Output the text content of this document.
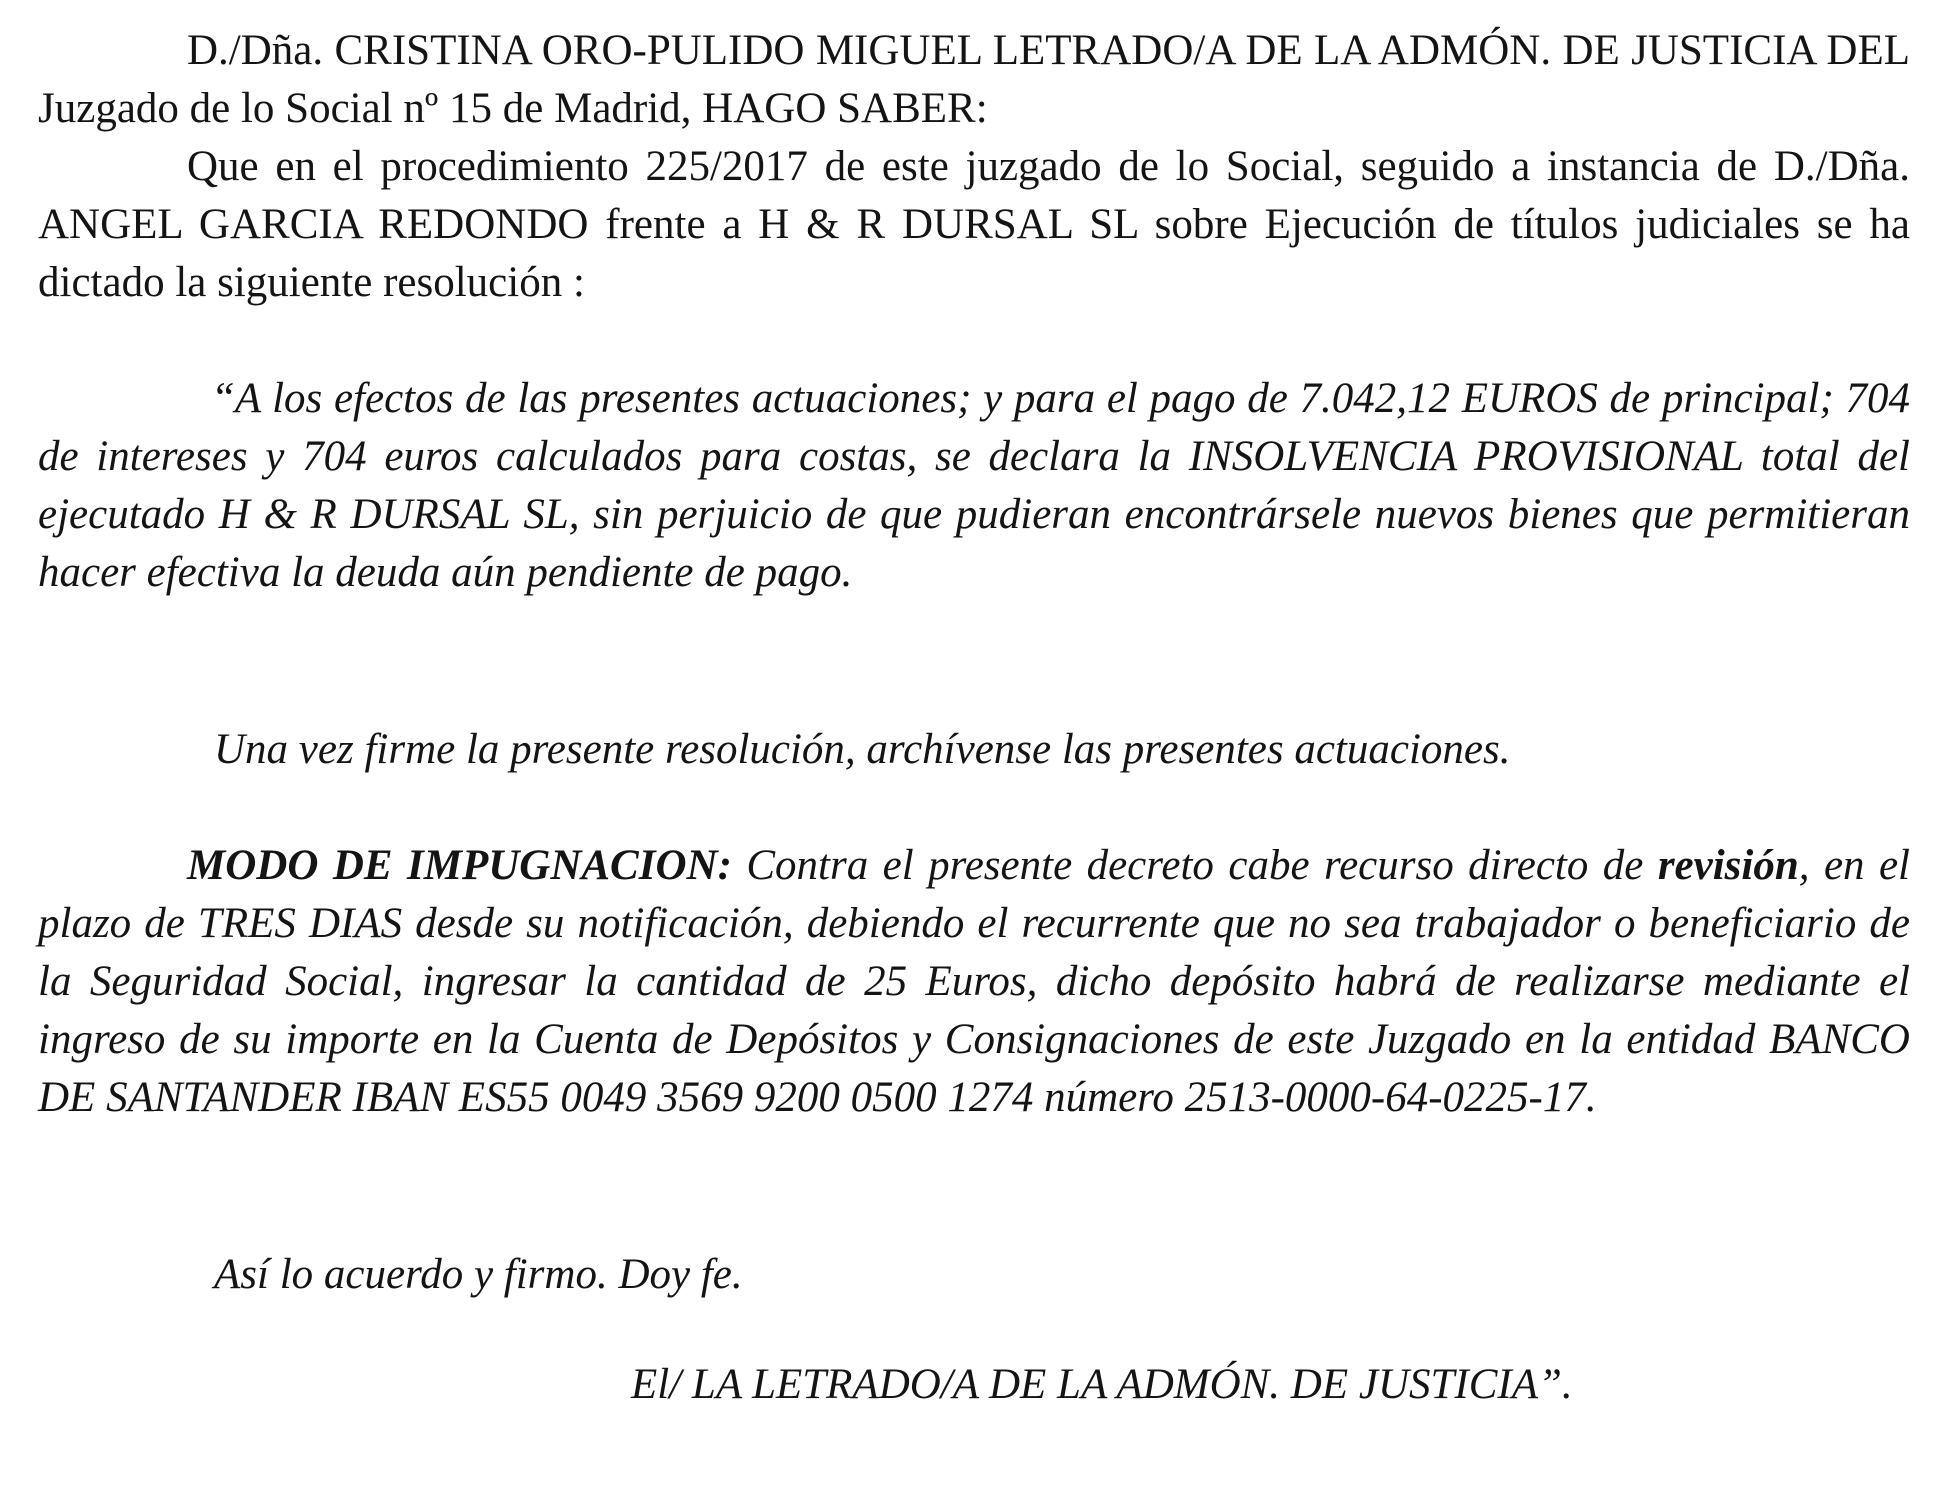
D./Dña. CRISTINA ORO-PULIDO MIGUEL LETRADO/A DE LA ADMÓN. DE JUSTICIA DEL Juzgado de lo Social nº 15 de Madrid, HAGO SABER:

Que en el procedimiento 225/2017 de este juzgado de lo Social, seguido a instancia de D./Dña. ANGEL GARCIA REDONDO frente a H & R DURSAL SL sobre Ejecución de títulos judiciales se ha dictado la siguiente resolución :

“A los efectos de las presentes actuaciones; y para el pago de 7.042,12 EUROS de principal; 704 de intereses y 704 euros calculados para costas, se declara la INSOLVENCIA PROVISIONAL total del ejecutado H & R DURSAL SL, sin perjuicio de que pudieran encontrársele nuevos bienes que permitieran hacer efectiva la deuda aún pendiente de pago.

Una vez firme la presente resolución, archívense las presentes actuaciones.

MODO DE IMPUGNACION: Contra el presente decreto cabe recurso directo de revisión, en el plazo de TRES DIAS desde su notificación, debiendo el recurrente que no sea trabajador o beneficiario de la Seguridad Social, ingresar la cantidad de 25 Euros, dicho depósito habrá de realizarse mediante el ingreso de su importe en la Cuenta de Depósitos y Consignaciones de este Juzgado en la entidad BANCO DE SANTANDER IBAN ES55 0049 3569 9200 0500 1274 número 2513-0000-64-0225-17.

Así lo acuerdo y firmo. Doy fe.

El/ LA LETRADO/A DE LA ADMÓN. DE JUSTICIA”.
